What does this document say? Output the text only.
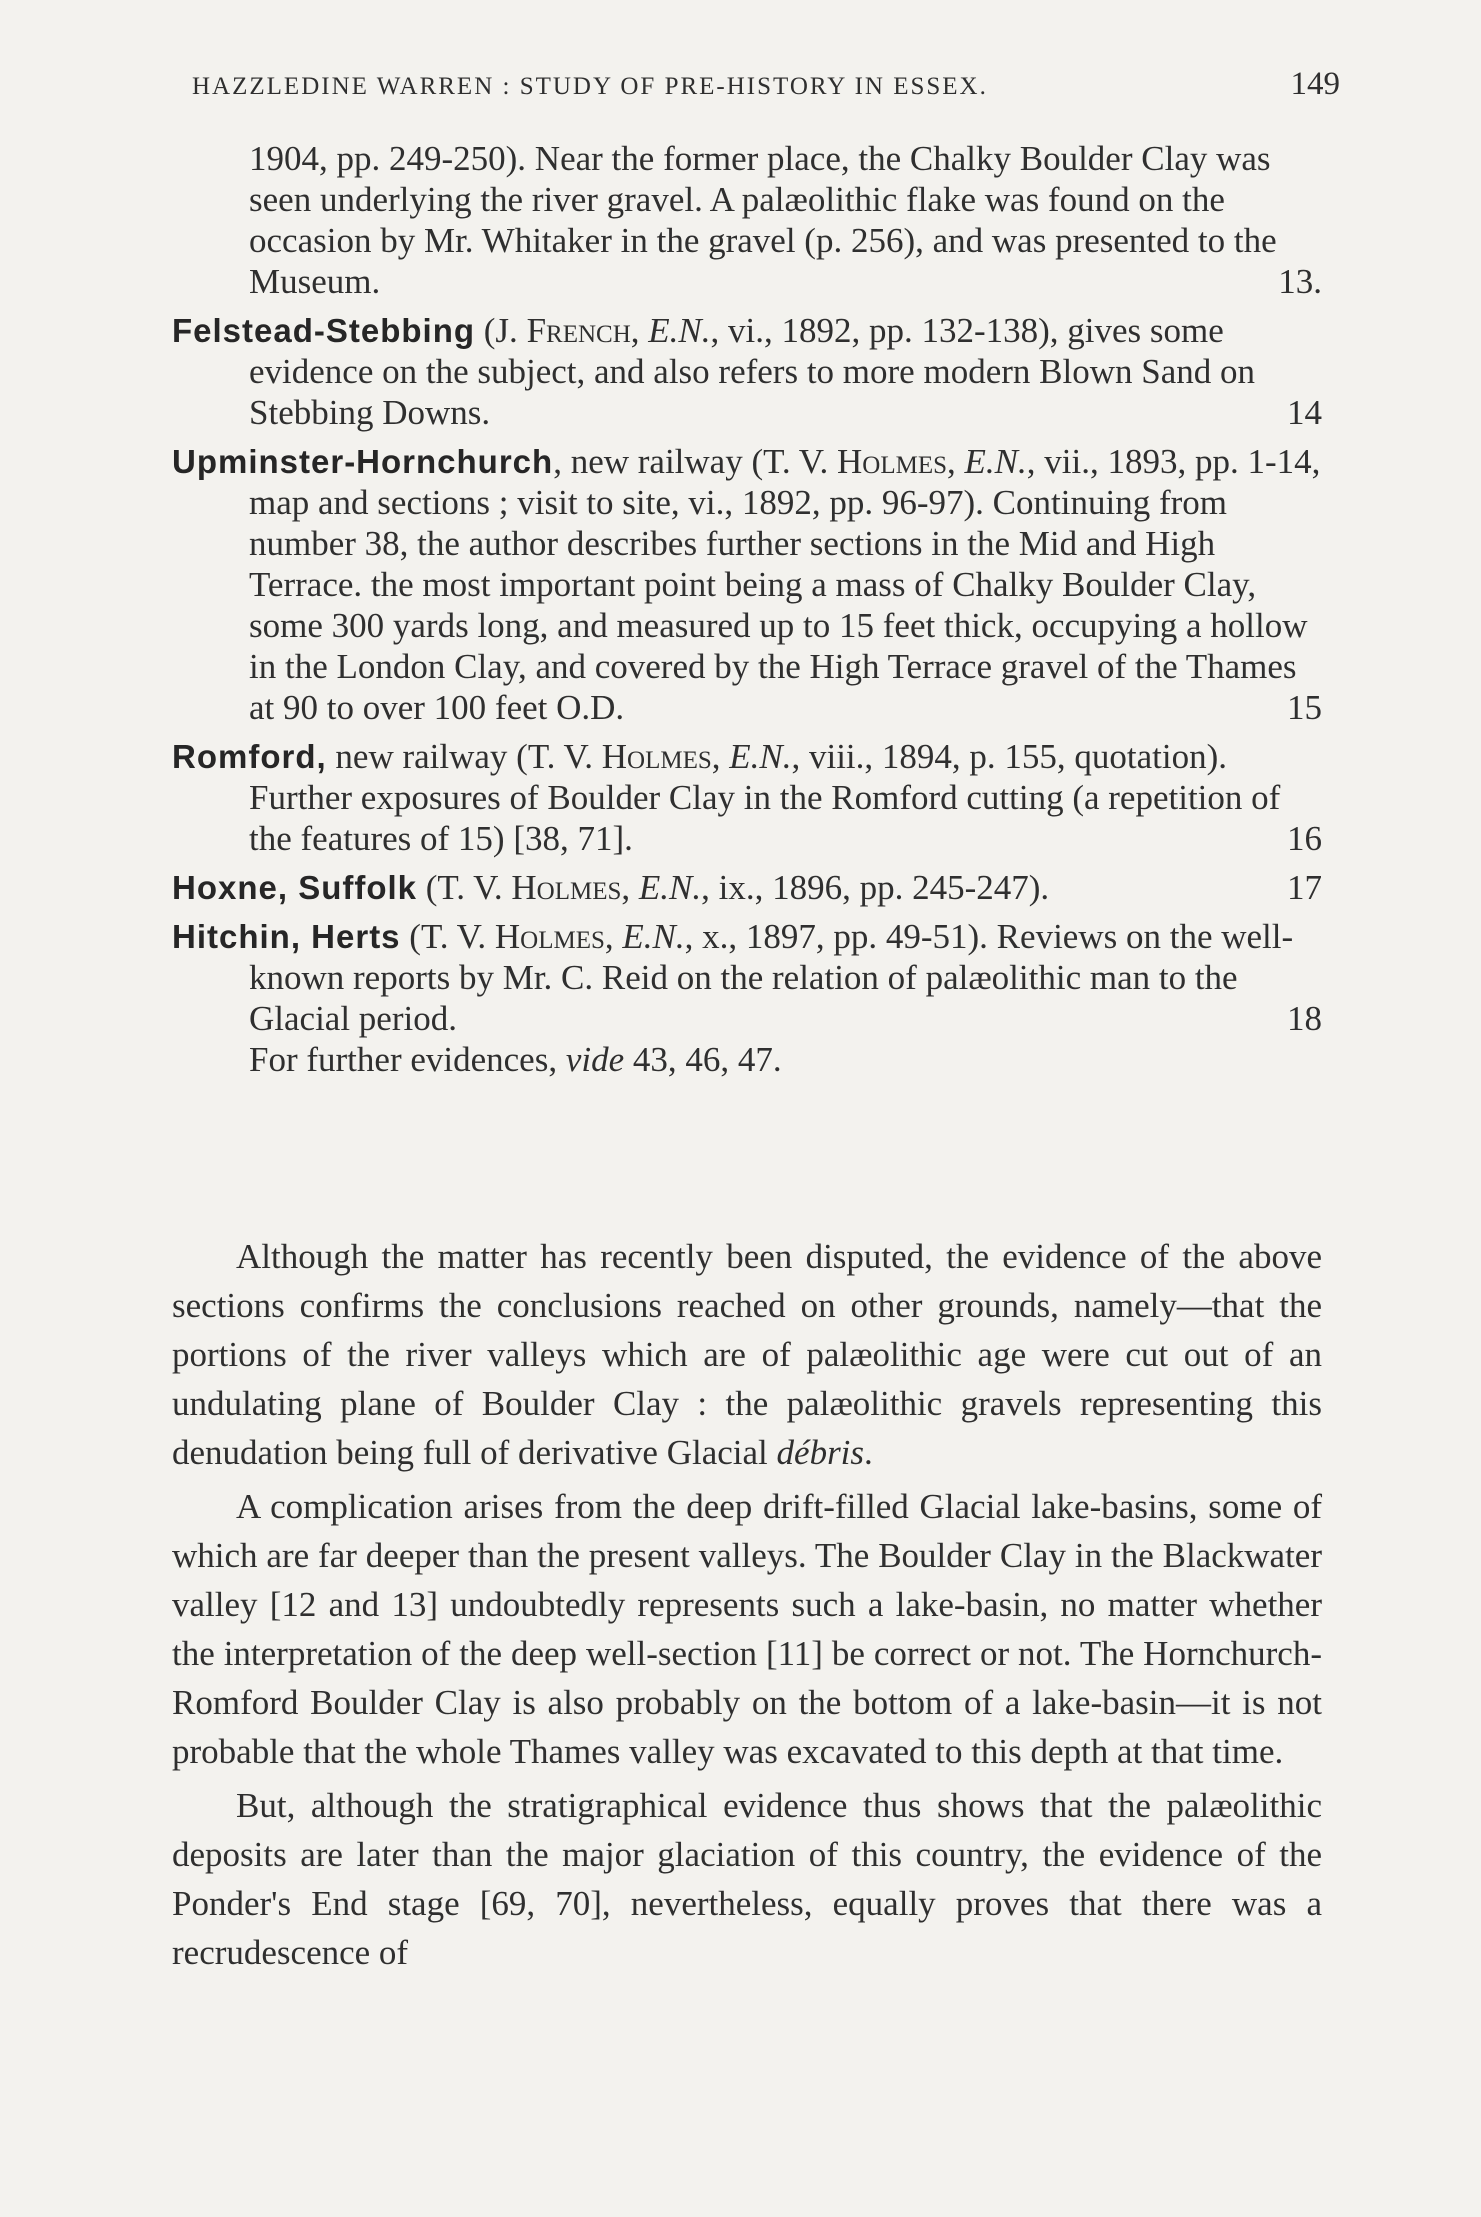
HAZZLEDINE WARREN : STUDY OF PRE-HISTORY IN ESSEX.	149
1904, pp. 249-250). Near the former place, the Chalky Boulder Clay was seen underlying the river gravel. A palæolithic flake was found on the occasion by Mr. Whitaker in the gravel (p. 256), and was presented to the Museum.	13.
Felstead-Stebbing (J. French, E.N., vi., 1892, pp. 132-138), gives some evidence on the subject, and also refers to more modern Blown Sand on Stebbing Downs.	14
Upminster-Hornchurch, new railway (T. V. Holmes, E.N., vii., 1893, pp. 1-14, map and sections ; visit to site, vi., 1892, pp. 96-97). Continuing from number 38, the author describes further sections in the Mid and High Terrace. the most important point being a mass of Chalky Boulder Clay, some 300 yards long, and measured up to 15 feet thick, occupying a hollow in the London Clay, and covered by the High Terrace gravel of the Thames at 90 to over 100 feet O.D.	15
Romford, new railway (T. V. Holmes, E.N., viii., 1894, p. 155, quotation). Further exposures of Boulder Clay in the Romford cutting (a repetition of the features of 15) [38, 71].	16
Hoxne, Suffolk (T. V. Holmes, E.N., ix., 1896, pp. 245-247).	17
Hitchin, Herts (T. V. Holmes, E.N., x., 1897, pp. 49-51). Reviews on the well-known reports by Mr. C. Reid on the relation of palæolithic man to the Glacial period.	18
For further evidences, vide 43, 46, 47.

Although the matter has recently been disputed, the evidence of the above sections confirms the conclusions reached on other grounds, namely—that the portions of the river valleys which are of palæolithic age were cut out of an undulating plane of Boulder Clay : the palæolithic gravels representing this denudation being full of derivative Glacial débris.

A complication arises from the deep drift-filled Glacial lake-basins, some of which are far deeper than the present valleys. The Boulder Clay in the Blackwater valley [12 and 13] undoubtedly represents such a lake-basin, no matter whether the interpretation of the deep well-section [11] be correct or not. The Hornchurch-Romford Boulder Clay is also probably on the bottom of a lake-basin—it is not probable that the whole Thames valley was excavated to this depth at that time.

But, although the stratigraphical evidence thus shows that the palæolithic deposits are later than the major glaciation of this country, the evidence of the Ponder's End stage [69, 70], nevertheless, equally proves that there was a recrudescence of
